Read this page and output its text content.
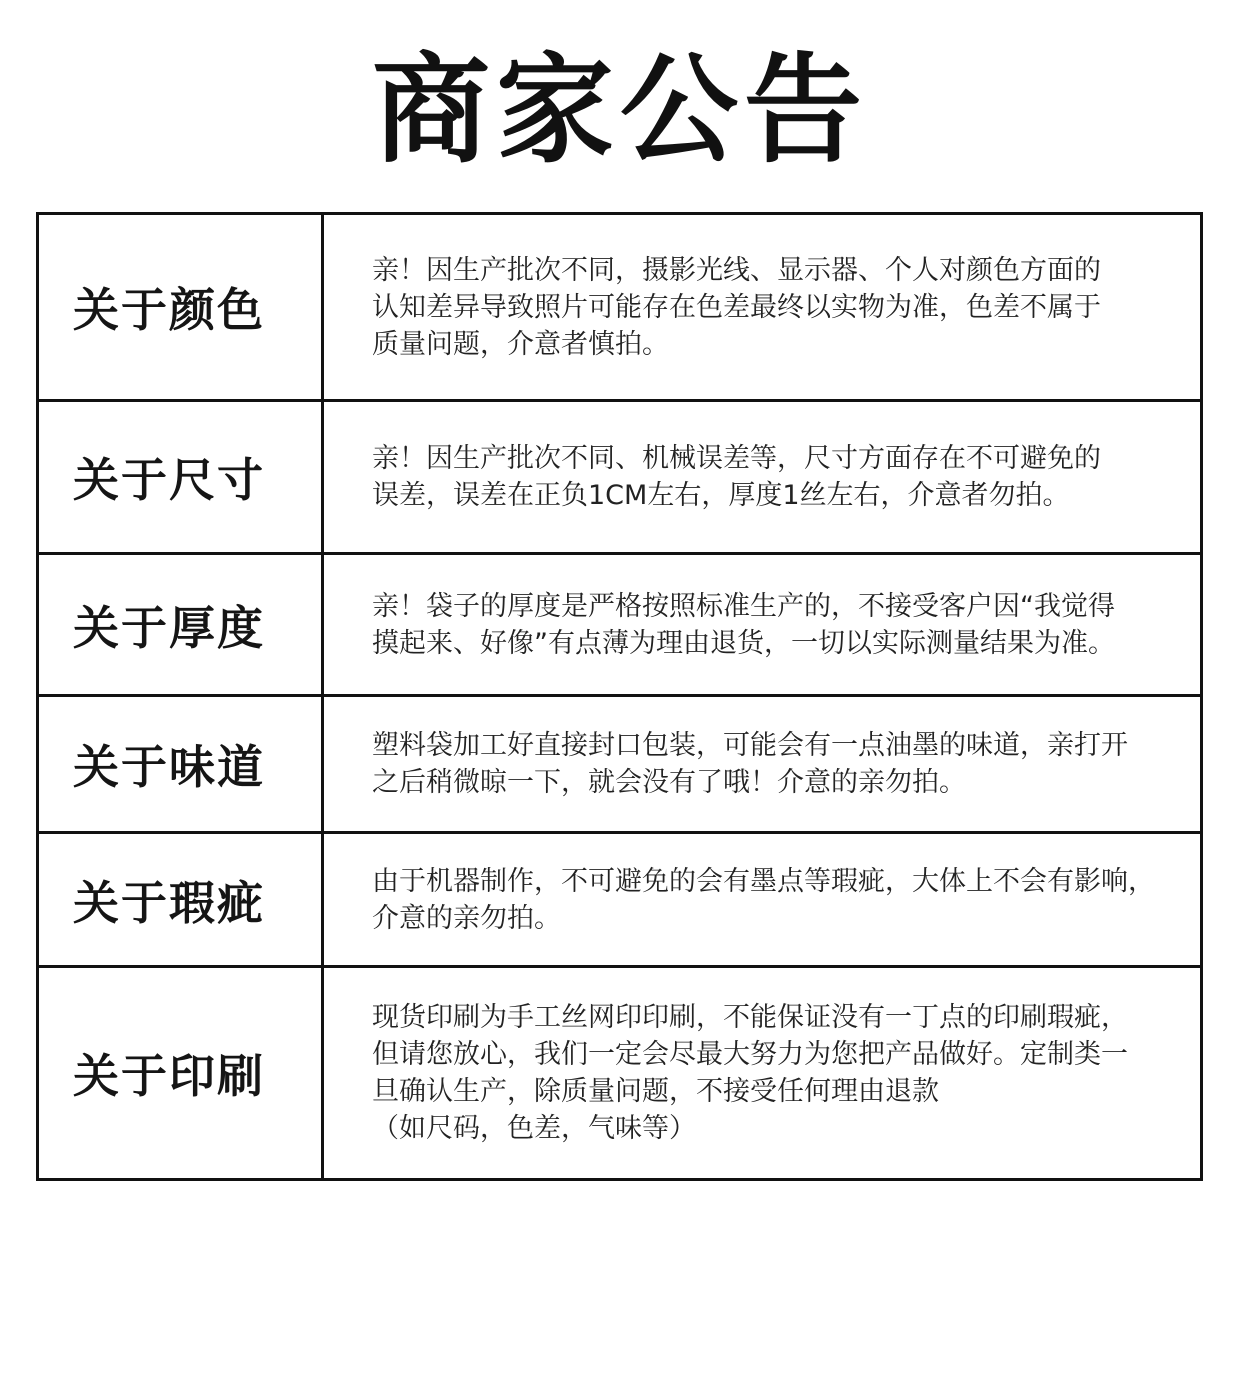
商家公告
关于颜色	亲！因生产批次不同，摄影光线、显示器、个人对颜色方面的
认知差异导致照片可能存在色差最终以实物为准，色差不属于
质量问题，介意者慎拍。
关于尺寸	亲！因生产批次不同、机械误差等，尺寸方面存在不可避免的
误差，误差在正负1CM左右，厚度1丝左右，介意者勿拍。
关于厚度	亲！袋子的厚度是严格按照标准生产的，不接受客户因“我觉得
摸起来、好像”有点薄为理由退货，一切以实际测量结果为准。
关于味道	塑料袋加工好直接封口包装，可能会有一点油墨的味道，亲打开
之后稍微晾一下，就会没有了哦！介意的亲勿拍。
关于瑕疵	由于机器制作，不可避免的会有墨点等瑕疵，大体上不会有影响，
介意的亲勿拍。
关于印刷	现货印刷为手工丝网印印刷，不能保证没有一丁点的印刷瑕疵，
但请您放心，我们一定会尽最大努力为您把产品做好。定制类一
旦确认生产，除质量问题，不接受任何理由退款
（如尺码，色差，气味等）
